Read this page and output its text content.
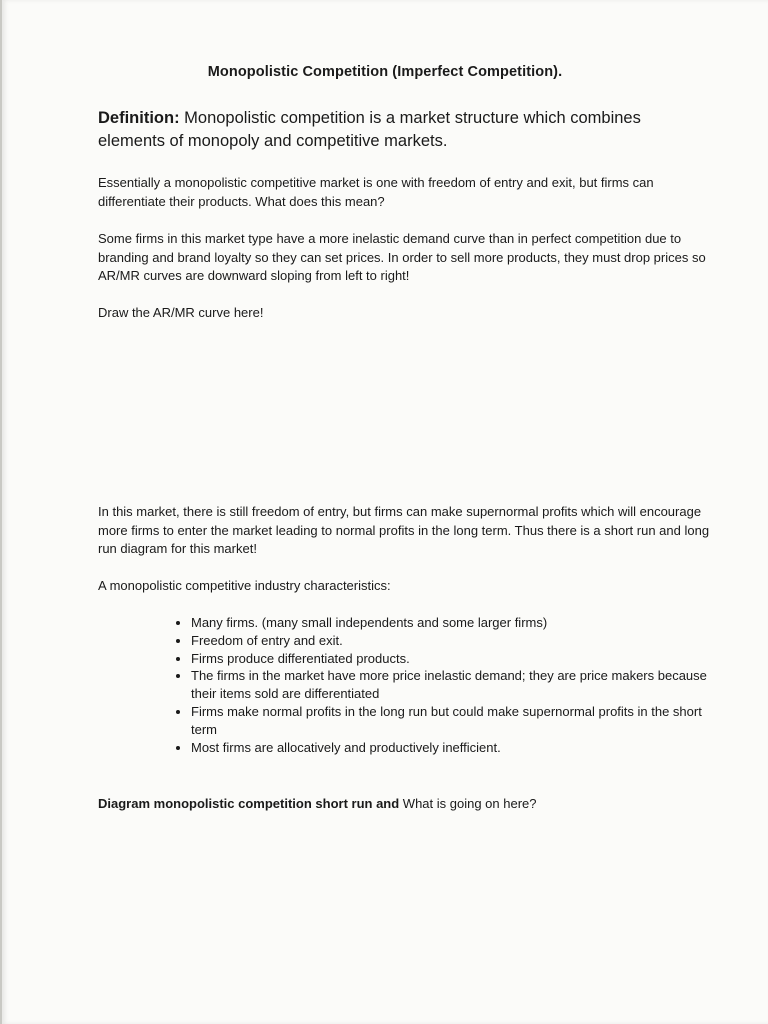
Monopolistic Competition (Imperfect Competition).
Definition: Monopolistic competition is a market structure which combines elements of monopoly and competitive markets.
Essentially a monopolistic competitive market is one with freedom of entry and exit, but firms can differentiate their products. What does this mean?
Some firms in this market type have a more inelastic demand curve than in perfect competition due to branding and brand loyalty so they can set prices. In order to sell more products, they must drop prices so AR/MR curves are downward sloping from left to right!
Draw the AR/MR curve here!
In this market, there is still freedom of entry, but firms can make supernormal profits which will encourage more firms to enter the market leading to normal profits in the long term. Thus there is a short run and long run diagram for this market!
A monopolistic competitive industry characteristics:
• Many firms. (many small independents and some larger firms)
• Freedom of entry and exit.
• Firms produce differentiated products.
• The firms in the market have more price inelastic demand; they are price makers because their items sold are differentiated
• Firms make normal profits in the long run but could make supernormal profits in the short term
• Most firms are allocatively and productively inefficient.
Diagram monopolistic competition short run and What is going on here?
